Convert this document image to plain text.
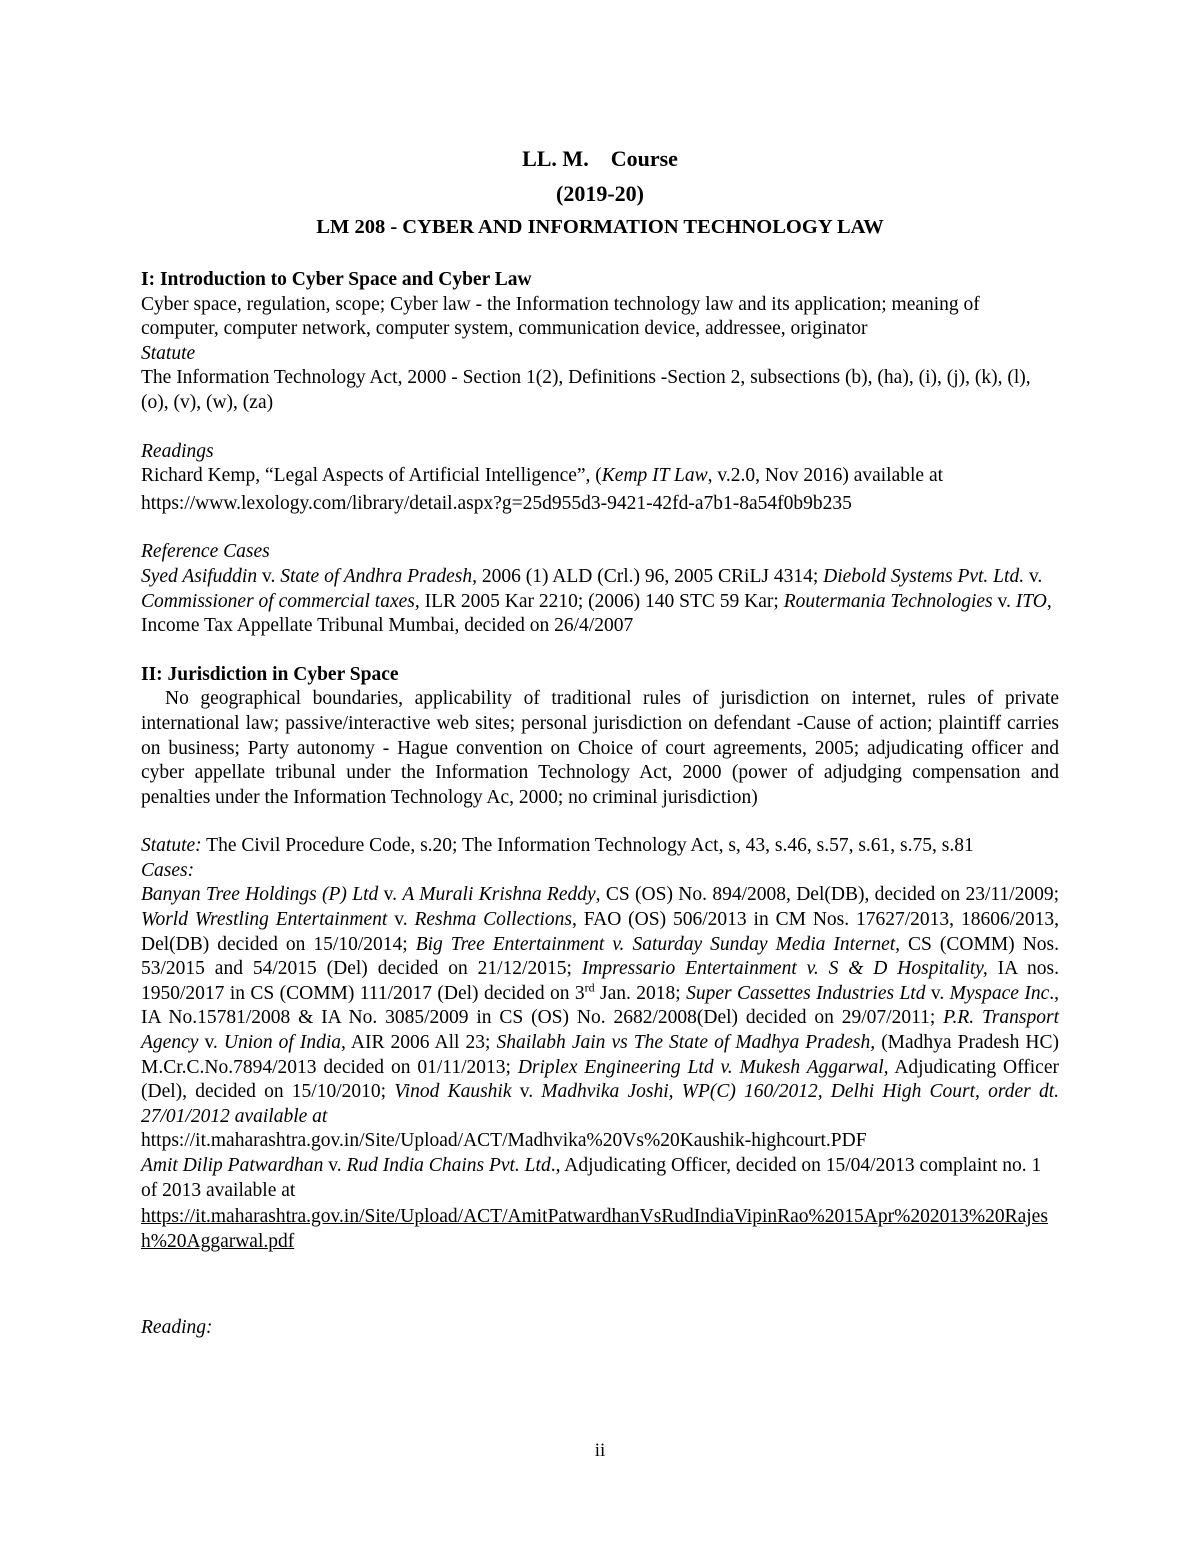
LL. M.    Course
(2019-20)
LM 208 - CYBER AND INFORMATION TECHNOLOGY LAW
I: Introduction to Cyber Space and Cyber Law

Cyber space, regulation, scope; Cyber law - the Information technology law and its application; meaning of computer, computer network, computer system, communication device, addressee, originator

Statute

The Information Technology Act, 2000 - Section 1(2), Definitions -Section 2, subsections (b), (ha), (i), (j), (k), (l), (o), (v), (w), (za)

Readings

Richard Kemp, “Legal Aspects of Artificial Intelligence”, (Kemp IT Law, v.2.0, Nov 2016) available at

https://www.lexology.com/library/detail.aspx?g=25d955d3-9421-42fd-a7b1-8a54f0b9b235

Reference Cases

Syed Asifuddin v. State of Andhra Pradesh, 2006 (1) ALD (Crl.) 96, 2005 CRiLJ 4314; Diebold Systems Pvt. Ltd. v. Commissioner of commercial taxes, ILR 2005 Kar 2210; (2006) 140 STC 59 Kar; Routermania Technologies v. ITO, Income Tax Appellate Tribunal Mumbai, decided on 26/4/2007

II: Jurisdiction in Cyber Space

No geographical boundaries, applicability of traditional rules of jurisdiction on internet, rules of private international law; passive/interactive web sites; personal jurisdiction on defendant -Cause of action; plaintiff carries on business; Party autonomy - Hague convention on Choice of court agreements, 2005; adjudicating officer and cyber appellate tribunal under the Information Technology Act, 2000 (power of adjudging compensation and penalties under the Information Technology Ac, 2000; no criminal jurisdiction)

Statute: The Civil Procedure Code, s.20; The Information Technology Act, s, 43, s.46, s.57, s.61, s.75, s.81

Cases:

Banyan Tree Holdings (P) Ltd v. A Murali Krishna Reddy, CS (OS) No. 894/2008, Del(DB), decided on 23/11/2009; World Wrestling Entertainment v. Reshma Collections, FAO (OS) 506/2013 in CM Nos. 17627/2013, 18606/2013, Del(DB) decided on 15/10/2014; Big Tree Entertainment v. Saturday Sunday Media Internet, CS (COMM) Nos. 53/2015 and 54/2015 (Del) decided on 21/12/2015; Impressario Entertainment v. S & D Hospitality, IA nos. 1950/2017 in CS (COMM) 111/2017 (Del) decided on 3rd Jan. 2018; Super Cassettes Industries Ltd v. Myspace Inc., IA No.15781/2008 & IA No. 3085/2009 in CS (OS) No. 2682/2008(Del) decided on 29/07/2011; P.R. Transport Agency v. Union of India, AIR 2006 All 23; Shailabh Jain vs The State of Madhya Pradesh, (Madhya Pradesh HC) M.Cr.C.No.7894/2013 decided on 01/11/2013; Driplex Engineering Ltd v. Mukesh Aggarwal, Adjudicating Officer (Del), decided on 15/10/2010; Vinod Kaushik v. Madhvika Joshi, WP(C) 160/2012, Delhi High Court, order dt. 27/01/2012 available at

https://it.maharashtra.gov.in/Site/Upload/ACT/Madhvika%20Vs%20Kaushik-highcourt.PDF

Amit Dilip Patwardhan v. Rud India Chains Pvt. Ltd., Adjudicating Officer, decided on 15/04/2013 complaint no. 1 of 2013 available at

https://it.maharashtra.gov.in/Site/Upload/ACT/AmitPatwardhanVsRudIndiaVipinRao%2015Apr%202013%20Rajesh%20Aggarwal.pdf

Reading:

ii
